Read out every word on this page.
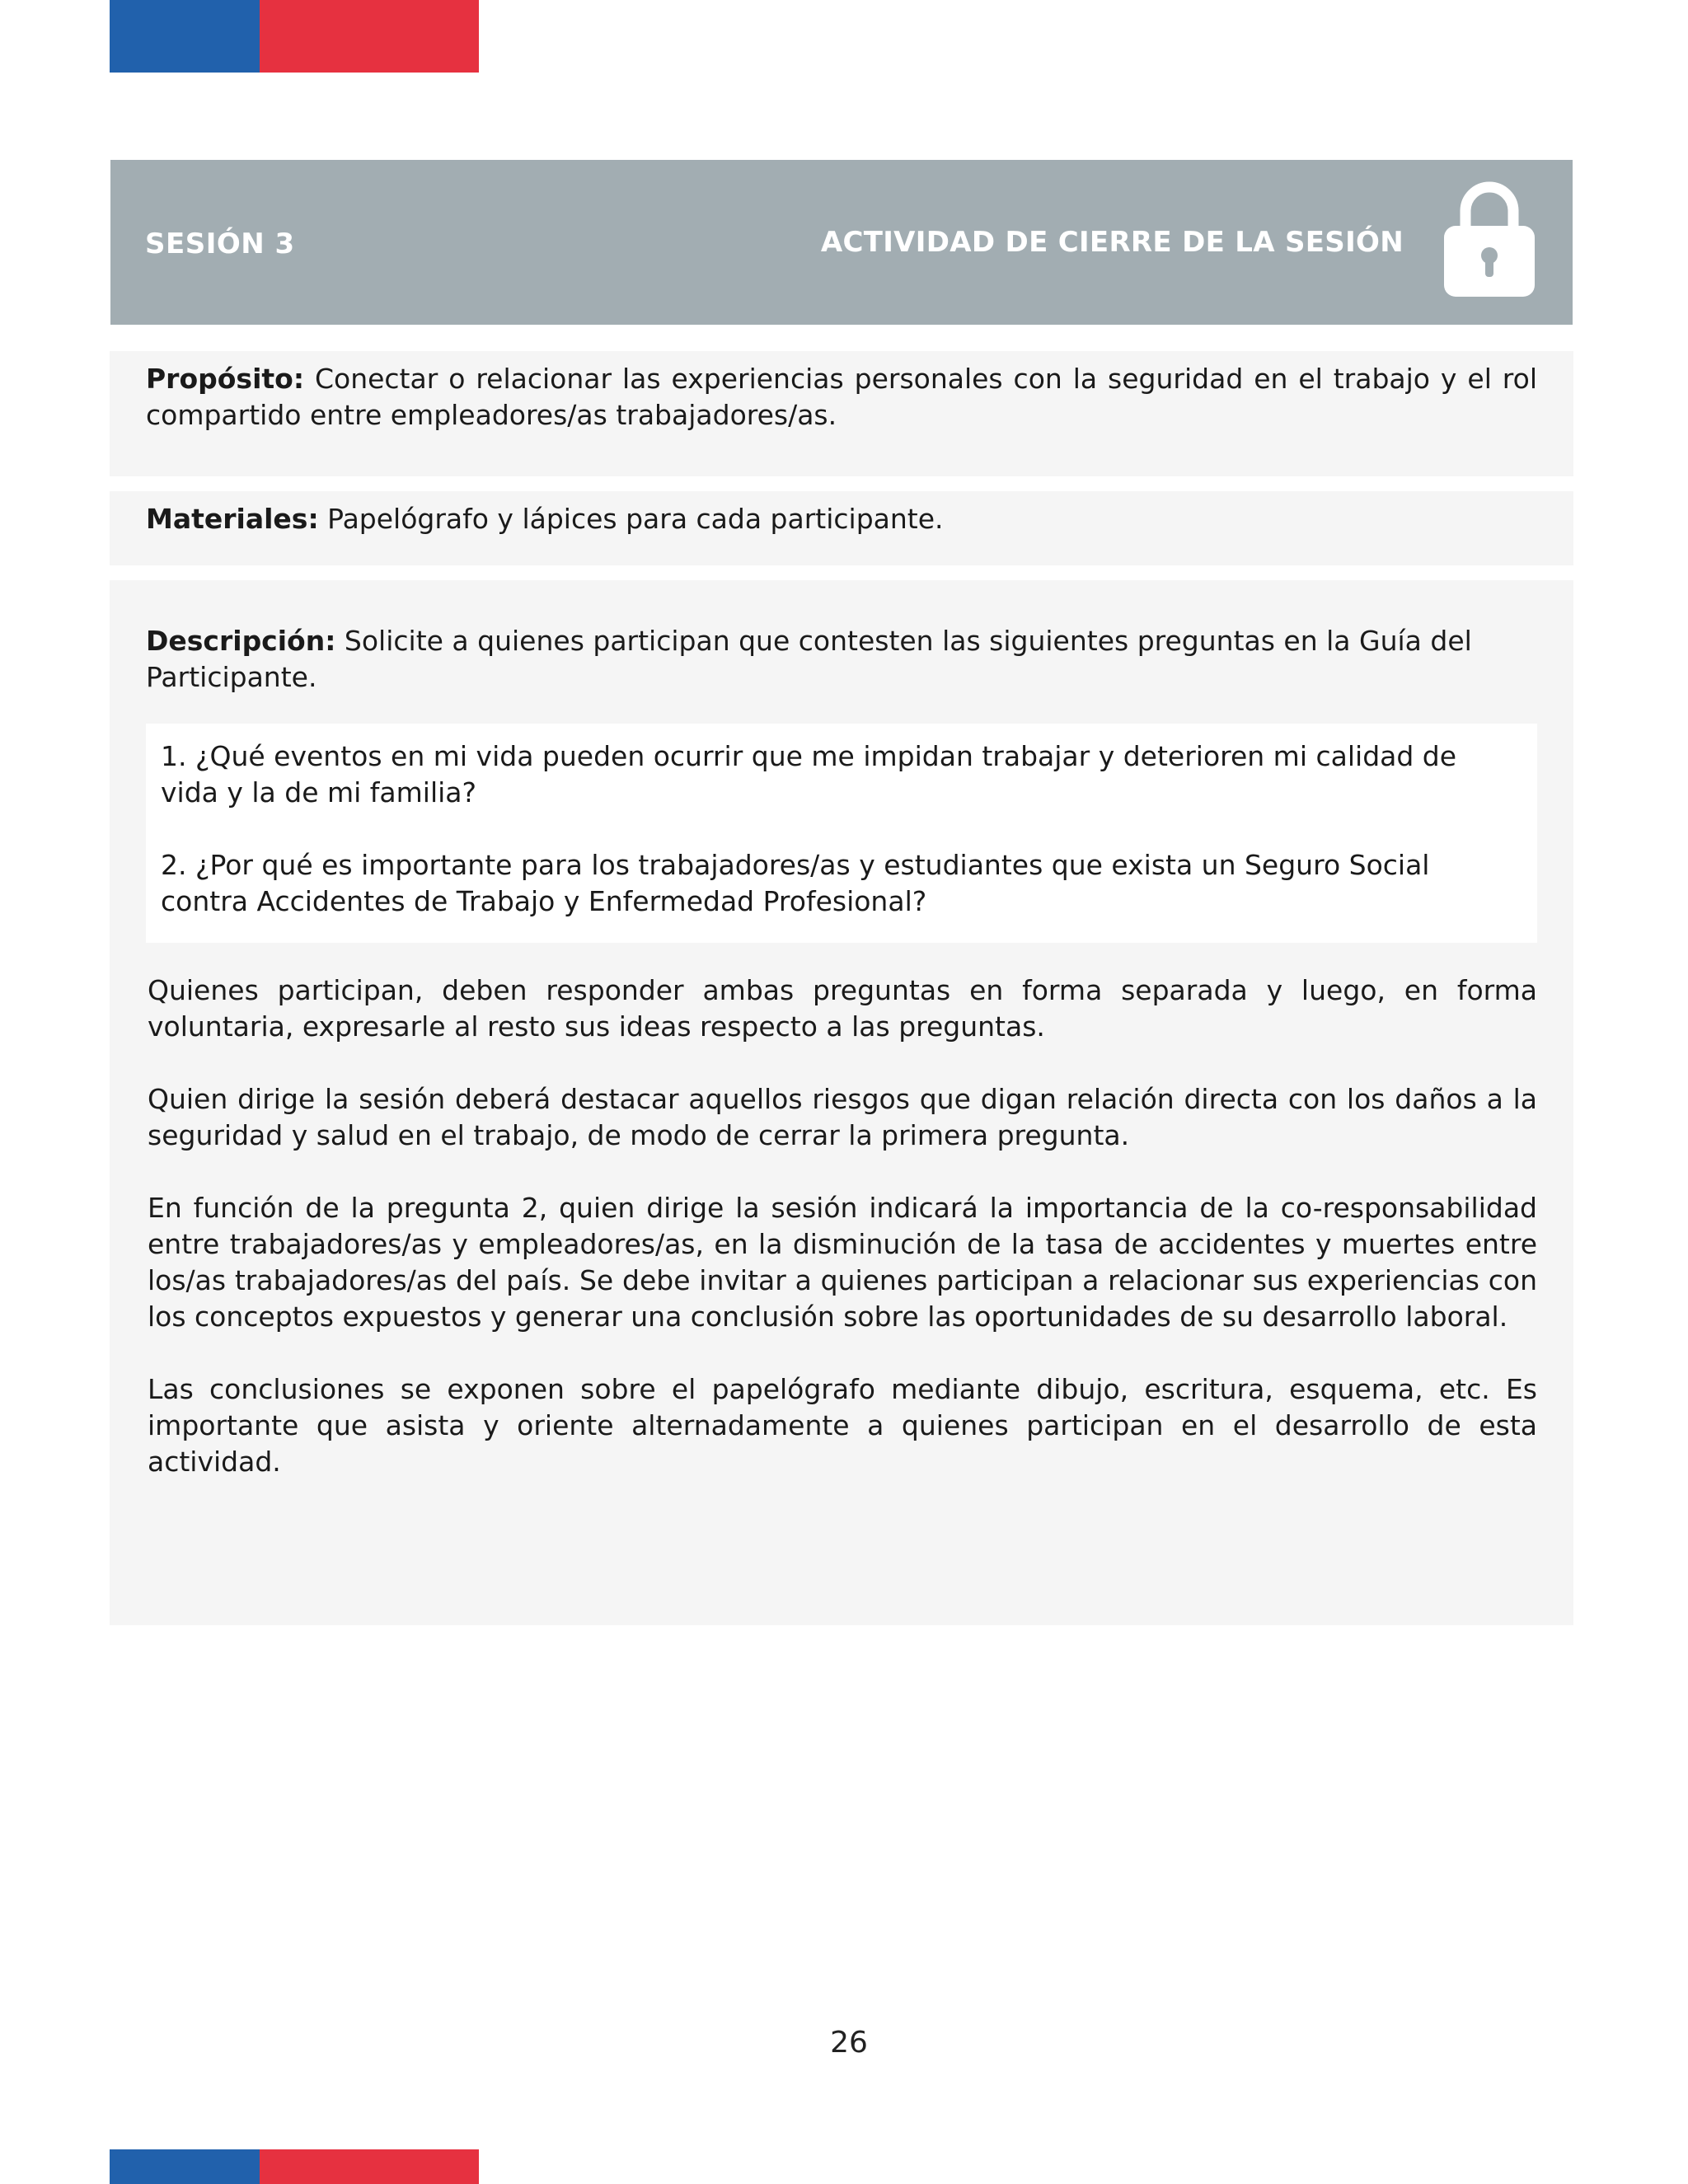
SESIÓN 3	ACTIVIDAD DE CIERRE DE LA SESIÓN

Propósito: Conectar o relacionar las experiencias personales con la seguridad en el trabajo y el rol compartido entre empleadores/as trabajadores/as.

Materiales: Papelógrafo y lápices para cada participante.

Descripción: Solicite a quienes participan que contesten las siguientes preguntas en la Guía del Participante.

1. ¿Qué eventos en mi vida pueden ocurrir que me impidan trabajar y deterioren mi calidad de vida y la de mi familia?

2. ¿Por qué es importante para los trabajadores/as y estudiantes que exista un Seguro Social contra Accidentes de Trabajo y Enfermedad Profesional?

Quienes participan, deben responder ambas preguntas en forma separada y luego, en forma voluntaria, expresarle al resto sus ideas respecto a las preguntas.

Quien dirige la sesión deberá destacar aquellos riesgos que digan relación directa con los daños a la seguridad y salud en el trabajo, de modo de cerrar la primera pregunta.

En función de la pregunta 2, quien dirige la sesión indicará la importancia de la co-responsabilidad entre trabajadores/as y empleadores/as, en la disminución de la tasa de accidentes y muertes entre los/as trabajadores/as del país. Se debe invitar a quienes participan a relacionar sus experiencias con los conceptos expuestos y generar una conclusión sobre las oportunidades de su desarrollo laboral.

Las conclusiones se exponen sobre el papelógrafo mediante dibujo, escritura, esquema, etc. Es importante que asista y oriente alternadamente a quienes participan en el desarrollo de esta actividad.

26
